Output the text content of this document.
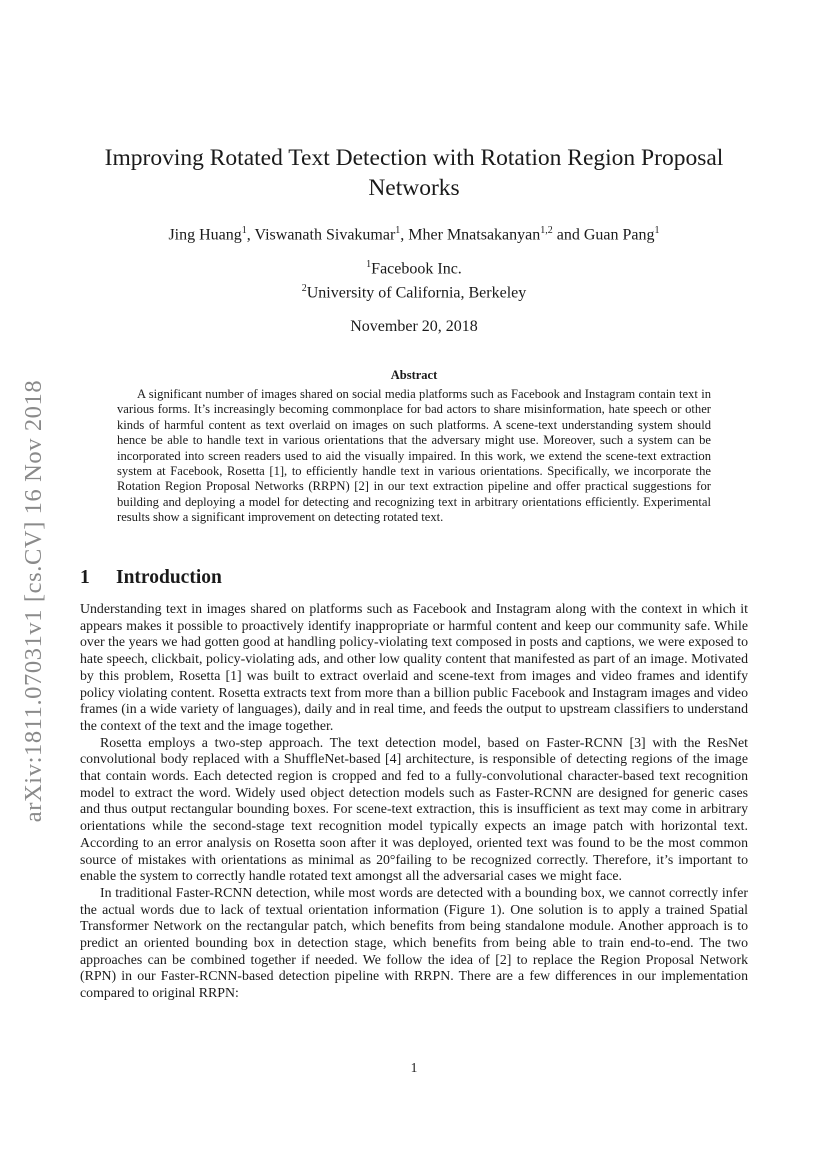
arXiv:1811.07031v1 [cs.CV] 16 Nov 2018
Improving Rotated Text Detection with Rotation Region Proposal Networks
Jing Huang$^1$, Viswanath Sivakumar$^1$, Mher Mnatsakanyan$^{1,2}$ and Guan Pang$^1$
$^1$Facebook Inc.
$^2$University of California, Berkeley
November 20, 2018
Abstract

A significant number of images shared on social media platforms such as Facebook and Instagram contain text in various forms. It’s increasingly becoming commonplace for bad actors to share misinformation, hate speech or other kinds of harmful content as text overlaid on images on such platforms. A scene-text understanding system should hence be able to handle text in various orientations that the adversary might use. Moreover, such a system can be incorporated into screen readers used to aid the visually impaired. In this work, we extend the scene-text extraction system at Facebook, Rosetta [1], to efficiently handle text in various orientations. Specifically, we incorporate the Rotation Region Proposal Networks (RRPN) [2] in our text extraction pipeline and offer practical suggestions for building and deploying a model for detecting and recognizing text in arbitrary orientations efficiently. Experimental results show a significant improvement on detecting rotated text.

1 Introduction

Understanding text in images shared on platforms such as Facebook and Instagram along with the context in which it appears makes it possible to proactively identify inappropriate or harmful content and keep our community safe. While over the years we had gotten good at handling policy-violating text composed in posts and captions, we were exposed to hate speech, clickbait, policy-violating ads, and other low quality content that manifested as part of an image. Motivated by this problem, Rosetta [1] was built to extract overlaid and scene-text from images and video frames and identify policy violating content. Rosetta extracts text from more than a billion public Facebook and Instagram images and video frames (in a wide variety of languages), daily and in real time, and feeds the output to upstream classifiers to understand the context of the text and the image together.

Rosetta employs a two-step approach. The text detection model, based on Faster-RCNN [3] with the ResNet convolutional body replaced with a ShuffleNet-based [4] architecture, is responsible of detecting regions of the image that contain words. Each detected region is cropped and fed to a fully-convolutional character-based text recognition model to extract the word. Widely used object detection models such as Faster-RCNN are designed for generic cases and thus output rectangular bounding boxes. For scene-text extraction, this is insufficient as text may come in arbitrary orientations while the second-stage text recognition model typically expects an image patch with horizontal text. According to an error analysis on Rosetta soon after it was deployed, oriented text was found to be the most common source of mistakes with orientations as minimal as 20°failing to be recognized correctly. Therefore, it’s important to enable the system to correctly handle rotated text amongst all the adversarial cases we might face.

In traditional Faster-RCNN detection, while most words are detected with a bounding box, we cannot correctly infer the actual words due to lack of textual orientation information (Figure 1). One solution is to apply a trained Spatial Transformer Network on the rectangular patch, which benefits from being standalone module. Another approach is to predict an oriented bounding box in detection stage, which benefits from being able to train end-to-end. The two approaches can be combined together if needed. We follow the idea of [2] to replace the Region Proposal Network (RPN) in our Faster-RCNN-based detection pipeline with RRPN. There are a few differences in our implementation compared to original RRPN:

1
